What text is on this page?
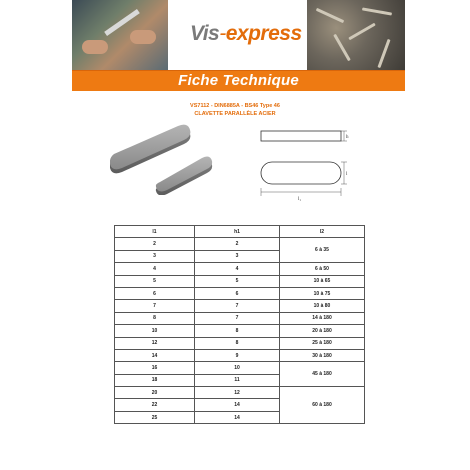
Vis-express
Fiche Technique
VS7112 - DIN6885A - BS46 Type 46
CLAVETTE PARALLÈLE ACIER
h
l
l₁
l1	h1	l2
2	2	6 à 35
3	3	
4	4	6 à 50
5	5	10 à 65
6	6	10 à 75
7	7	10 à 80
8	7	14 à 180
10	8	20 à 180
12	8	25 à 180
14	9	30 à 180
16	10	45 à 180
18	11	
20	12	60 à 180
22	14	
25	14	
